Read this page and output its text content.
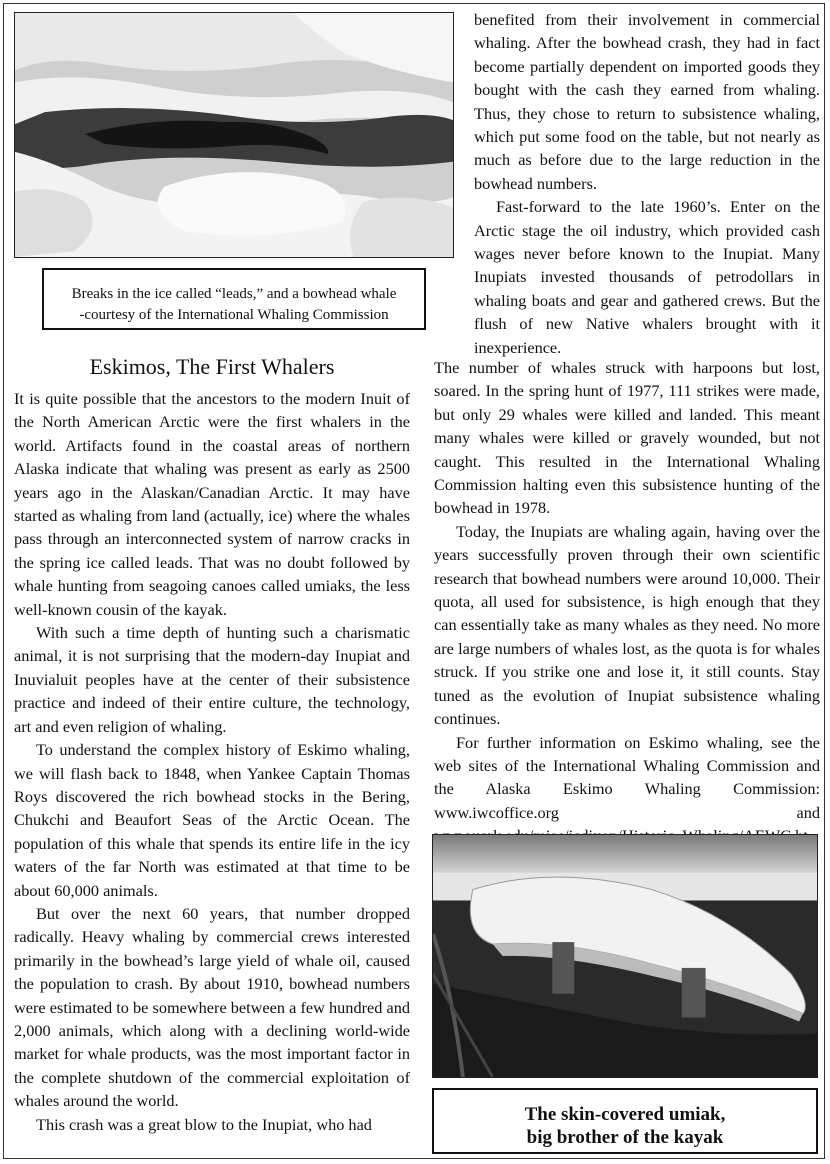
Breaks in the ice called “leads,” and a bowhead whale
-courtesy of the International Whaling Commission
Eskimos, The First Whalers

It is quite possible that the ancestors to the modern Inuit of the North American Arctic were the first whalers in the world. Artifacts found in the coastal areas of northern Alaska indicate that whaling was present as early as 2500 years ago in the Alaskan/Canadian Arctic. It may have started as whaling from land (actually, ice) where the whales pass through an interconnected system of narrow cracks in the spring ice called leads. That was no doubt followed by whale hunting from seagoing canoes called umiaks, the less well-known cousin of the kayak.

With such a time depth of hunting such a charismatic animal, it is not surprising that the modern-day Inupiat and Inuvialuit peoples have at the center of their subsistence practice and indeed of their entire culture, the technology, art and even religion of whaling.

To understand the complex history of Eskimo whaling, we will flash back to 1848, when Yankee Captain Thomas Roys discovered the rich bowhead stocks in the Bering, Chukchi and Beaufort Seas of the Arctic Ocean. The population of this whale that spends its entire life in the icy waters of the far North was estimated at that time to be about 60,000 animals.

But over the next 60 years, that number dropped radically. Heavy whaling by commercial crews interested primarily in the bowhead’s large yield of whale oil, caused the population to crash. By about 1910, bowhead numbers were estimated to be somewhere between a few hundred and 2,000 animals, which along with a declining world-wide market for whale products, was the most important factor in the complete shutdown of the commercial exploitation of whales around the world.

This crash was a great blow to the Inupiat, who had

benefited from their involvement in commercial whaling. After the bowhead crash, they had in fact become partially dependent on imported goods they bought with the cash they earned from whaling. Thus, they chose to return to subsistence whaling, which put some food on the table, but not nearly as much as before due to the large reduction in the bowhead numbers.

Fast-forward to the late 1960’s. Enter on the Arctic stage the oil industry, which provided cash wages never before known to the Inupiat. Many Inupiats invested thousands of petrodollars in whaling boats and gear and gathered crews. But the flush of new Native whalers brought with it inexperience.

The number of whales struck with harpoons but lost, soared. In the spring hunt of 1977, 111 strikes were made, but only 29 whales were killed and landed. This meant many whales were killed or gravely wounded, but not caught. This resulted in the International Whaling Commission halting even this subsistence hunting of the bowhead in 1978.

Today, the Inupiats are whaling again, having over the years successfully proven through their own scientific research that bowhead numbers were around 10,000. Their quota, all used for subsistence, is high enough that they can essentially take as many whales as they need. No more are large numbers of whales lost, as the quota is for whales struck. If you strike one and lose it, it still counts. Stay tuned as the evolution of Inupiat subsistence whaling continues.

For further information on Eskimo whaling, see the web sites of the International Whaling Commission and the Alaska Eskimo Whaling Commission: www.iwcoffice.org and

The skin-covered umiak,
big brother of the kayak
